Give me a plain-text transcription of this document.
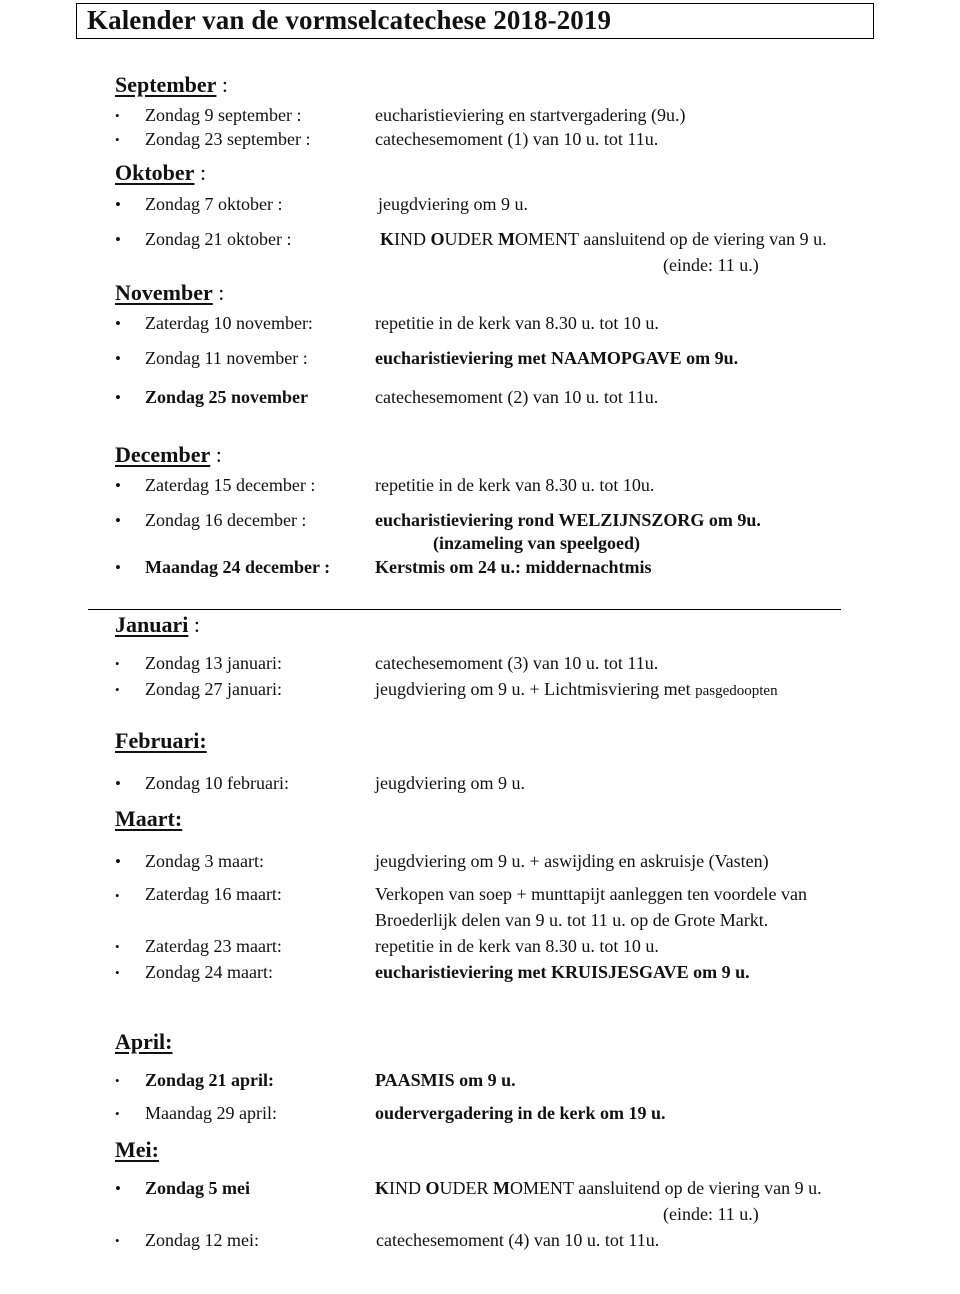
Kalender van de vormselcatechese 2018-2019
September :
• Zondag 9 september :	eucharistieviering en startvergadering (9u.)
• Zondag 23 september :	catechesemoment (1) van 10 u. tot 11u.
Oktober :
• Zondag 7 oktober :	jeugdviering om 9 u.
• Zondag 21 oktober :	KIND OUDER MOMENT aansluitend op de viering van 9 u.
(einde: 11 u.)
November :
• Zaterdag 10 november:	repetitie in de kerk van 8.30 u. tot 10 u.
• Zondag 11 november :	eucharistieviering met NAAMOPGAVE om 9u.
• Zondag 25 november	catechesemoment (2) van 10 u. tot 11u.
December :
• Zaterdag 15 december :	repetitie in de kerk van 8.30 u. tot 10u.
• Zondag 16 december :	eucharistieviering rond WELZIJNSZORG om 9u.
(inzameling van speelgoed)
• Maandag 24 december : Kerstmis om 24 u.: middernachtmis
Januari :
• Zondag 13 januari:	catechesemoment (3) van 10 u. tot 11u.
• Zondag 27 januari:	jeugdviering om 9 u. + Lichtmisviering met pasgedoopten
Februari:
• Zondag 10 februari:	jeugdviering om 9 u.
Maart:
• Zondag 3 maart:	jeugdviering om 9 u. + aswijding en askruisje (Vasten)
• Zaterdag 16 maart:	Verkopen van soep + munttapijt aanleggen ten voordele van
Broederlijk delen van 9 u. tot 11 u. op de Grote Markt.
• Zaterdag 23 maart:	repetitie in de kerk van 8.30 u. tot 10 u.
• Zondag 24 maart:	eucharistieviering met KRUISJESGAVE om 9 u.
April:
• Zondag 21 april:	PAASMIS om 9 u.
• Maandag 29 april:	oudervergadering in de kerk om 19 u.
Mei:
• Zondag 5 mei	KIND OUDER MOMENT aansluitend op de viering van 9 u.
(einde: 11 u.)
• Zondag 12 mei:	catechesemoment (4) van 10 u. tot 11u.
